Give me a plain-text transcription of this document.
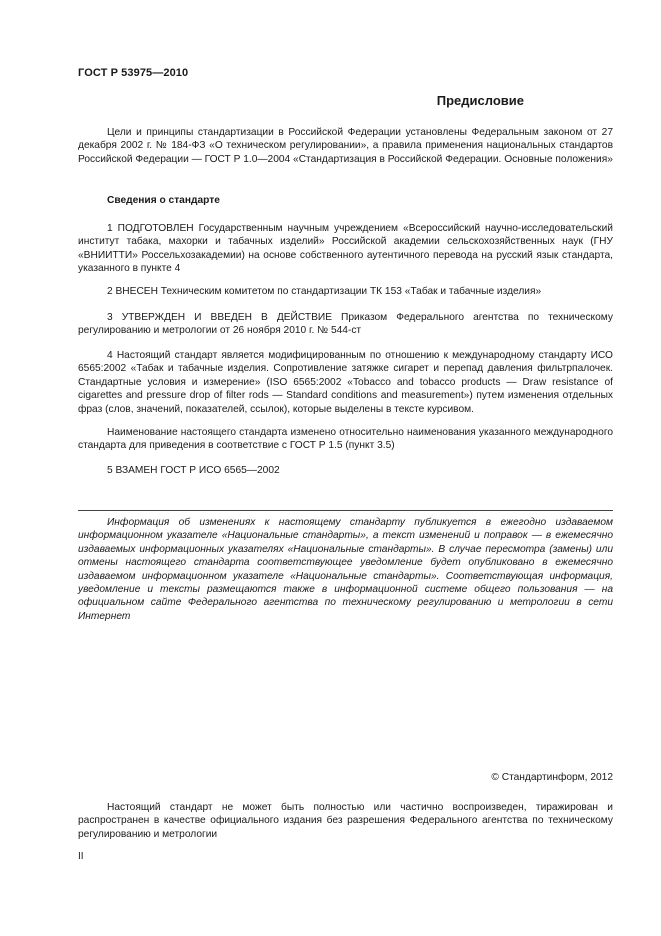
ГОСТ Р 53975—2010
Предисловие

Цели и принципы стандартизации в Российской Федерации установлены Федеральным законом от 27 декабря 2002 г. № 184-ФЗ «О техническом регулировании», а правила применения национальных стандартов Российской Федерации — ГОСТ Р 1.0—2004 «Стандартизация в Российской Федерации. Основные положения»

Сведения о стандарте

1 ПОДГОТОВЛЕН Государственным научным учреждением «Всероссийский научно-исследовательский институт табака, махорки и табачных изделий» Российской академии сельскохозяйственных наук (ГНУ «ВНИИТТИ» Россельхозакадемии) на основе собственного аутентичного перевода на русский язык стандарта, указанного в пункте 4

2 ВНЕСЕН Техническим комитетом по стандартизации ТК 153 «Табак и табачные изделия»

3 УТВЕРЖДЕН И ВВЕДЕН В ДЕЙСТВИЕ Приказом Федерального агентства по техническому регулированию и метрологии от 26 ноября 2010 г. № 544-ст

4 Настоящий стандарт является модифицированным по отношению к международному стандарту ИСО 6565:2002 «Табак и табачные изделия. Сопротивление затяжке сигарет и перепад давления фильтрпалочек. Стандартные условия и измерение» (ISO 6565:2002 «Tobacco and tobacco products — Draw resistance of cigarettes and pressure drop of filter rods — Standard conditions and measurement») путем изменения отдельных фраз (слов, значений, показателей, ссылок), которые выделены в тексте курсивом.

Наименование настоящего стандарта изменено относительно наименования указанного международного стандарта для приведения в соответствие с ГОСТ Р 1.5 (пункт 3.5)

5 ВЗАМЕН ГОСТ Р ИСО 6565—2002

Информация об изменениях к настоящему стандарту публикуется в ежегодно издаваемом информационном указателе «Национальные стандарты», а текст изменений и поправок — в ежемесячно издаваемых информационных указателях «Национальные стандарты». В случае пересмотра (замены) или отмены настоящего стандарта соответствующее уведомление будет опубликовано в ежемесячно издаваемом информационном указателе «Национальные стандарты». Соответствующая информация, уведомление и тексты размещаются также в информационной системе общего пользования — на официальном сайте Федерального агентства по техническому регулированию и метрологии в сети Интернет

© Стандартинформ, 2012

Настоящий стандарт не может быть полностью или частично воспроизведен, тиражирован и распространен в качестве официального издания без разрешения Федерального агентства по техническому регулированию и метрологии

II
